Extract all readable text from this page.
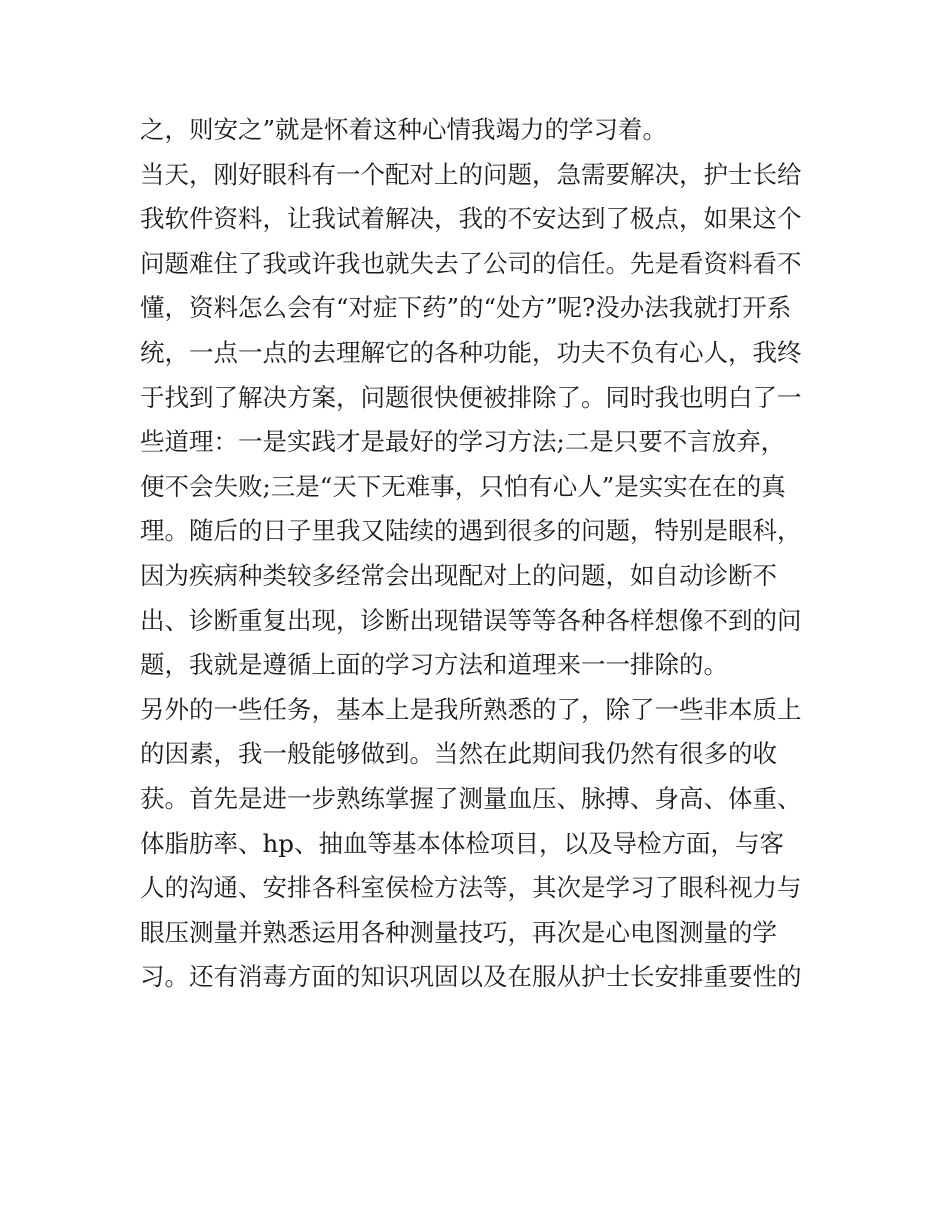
之，则安之”就是怀着这种心情我竭力的学习着。
当天，刚好眼科有一个配对上的问题，急需要解决，护士长给
我软件资料，让我试着解决，我的不安达到了极点，如果这个
问题难住了我或许我也就失去了公司的信任。先是看资料看不
懂，资料怎么会有“对症下药”的“处方”呢?没办法我就打开系
统，一点一点的去理解它的各种功能，功夫不负有心人，我终
于找到了解决方案，问题很快便被排除了。同时我也明白了一
些道理：一是实践才是最好的学习方法;二是只要不言放弃，
便不会失败;三是“天下无难事，只怕有心人”是实实在在的真
理。随后的日子里我又陆续的遇到很多的问题，特别是眼科，
因为疾病种类较多经常会出现配对上的问题，如自动诊断不
出、诊断重复出现，诊断出现错误等等各种各样想像不到的问
题，我就是遵循上面的学习方法和道理来一一排除的。
另外的一些任务，基本上是我所熟悉的了，除了一些非本质上
的因素，我一般能够做到。当然在此期间我仍然有很多的收
获。首先是进一步熟练掌握了测量血压、脉搏、身高、体重、
体脂肪率、hp、抽血等基本体检项目，以及导检方面，与客
人的沟通、安排各科室侯检方法等，其次是学习了眼科视力与
眼压测量并熟悉运用各种测量技巧，再次是心电图测量的学
习。还有消毒方面的知识巩固以及在服从护士长安排重要性的
